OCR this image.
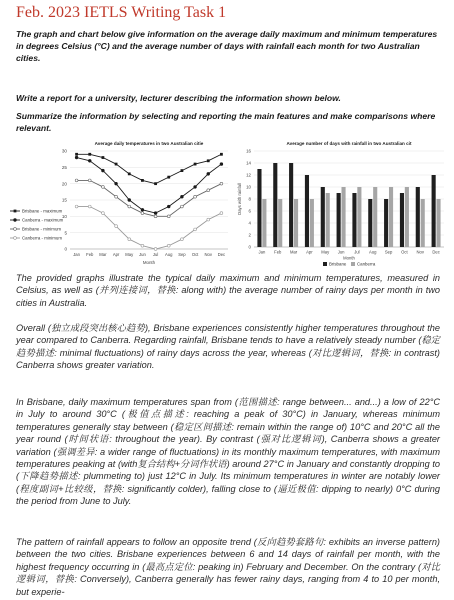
Feb. 2023 IETLS Writing Task 1

The graph and chart below give information on the average daily maximum and minimum temperatures in degrees Celsius (°C) and the average number of days with rainfall each month for two Australian cities.

Write a report for a university, lecturer describing the information shown below.

Summarize the information by selecting and reporting the main features and make comparisons where relevant.

Average daily temperatures in two Australian citie
30
25
20
15
10
5
0
Jan Feb Mar Apr May Jun Jul Aug Sep Oct Nov Dec
Month
Brisbane - maximum
Canberra - maximum
Brisbane - minimum
Canberra - minimum
Average number of days with rainfall in two Australian cit
16
14
12
10
8
6
4
2
0
Days with rainfall
Jan Feb Mar Apr May Jun Jul Aug Sep Oct Nov Dec
Month
Brisbane Canberra

The provided graphs illustrate the typical daily maximum and minimum temperatures, measured in Celsius, as well as (并列连接词，替换: along with) the average number of rainy days per month in two cities in Australia.

Overall (独立成段突出核心趋势), Brisbane experiences consistently higher temperatures throughout the year compared to Canberra. Regarding rainfall, Brisbane tends to have a relatively steady number (稳定趋势描述: minimal fluctuations) of rainy days across the year, whereas (对比逻辑词，替换: in contrast) Canberra shows greater variation.

In Brisbane, daily maximum temperatures span from (范围描述: range between... and...) a low of 22°C in July to around 30°C (极值点描述: reaching a peak of 30°C) in January, whereas minimum temperatures generally stay between (稳定区间描述: remain within the range of) 10°C and 20°C all the year round (时间状语: throughout the year). By contrast (强对比逻辑词), Canberra shows a greater variation (强调差异: a wider range of fluctuations) in its monthly maximum temperatures, with maximum temperatures peaking at (with复合结构+分词作状语) around 27°C in January and constantly dropping to (下降趋势描述: plummeting to) just 12°C in July. Its minimum temperatures in winter are notably lower (程度副词+比较级，替换: significantly colder), falling close to (逼近极值: dipping to nearly) 0°C during the period from June to July.

The pattern of rainfall appears to follow an opposite trend (反向趋势套路句: exhibits an inverse pattern) between the two cities. Brisbane experiences between 6 and 14 days of rainfall per month, with the highest frequency occurring in (最高点定位: peaking in) February and December. On the contrary (对比逻辑词，替换: Conversely), Canberra generally has fewer rainy days, ranging from 4 to 10 per month, but experie-
